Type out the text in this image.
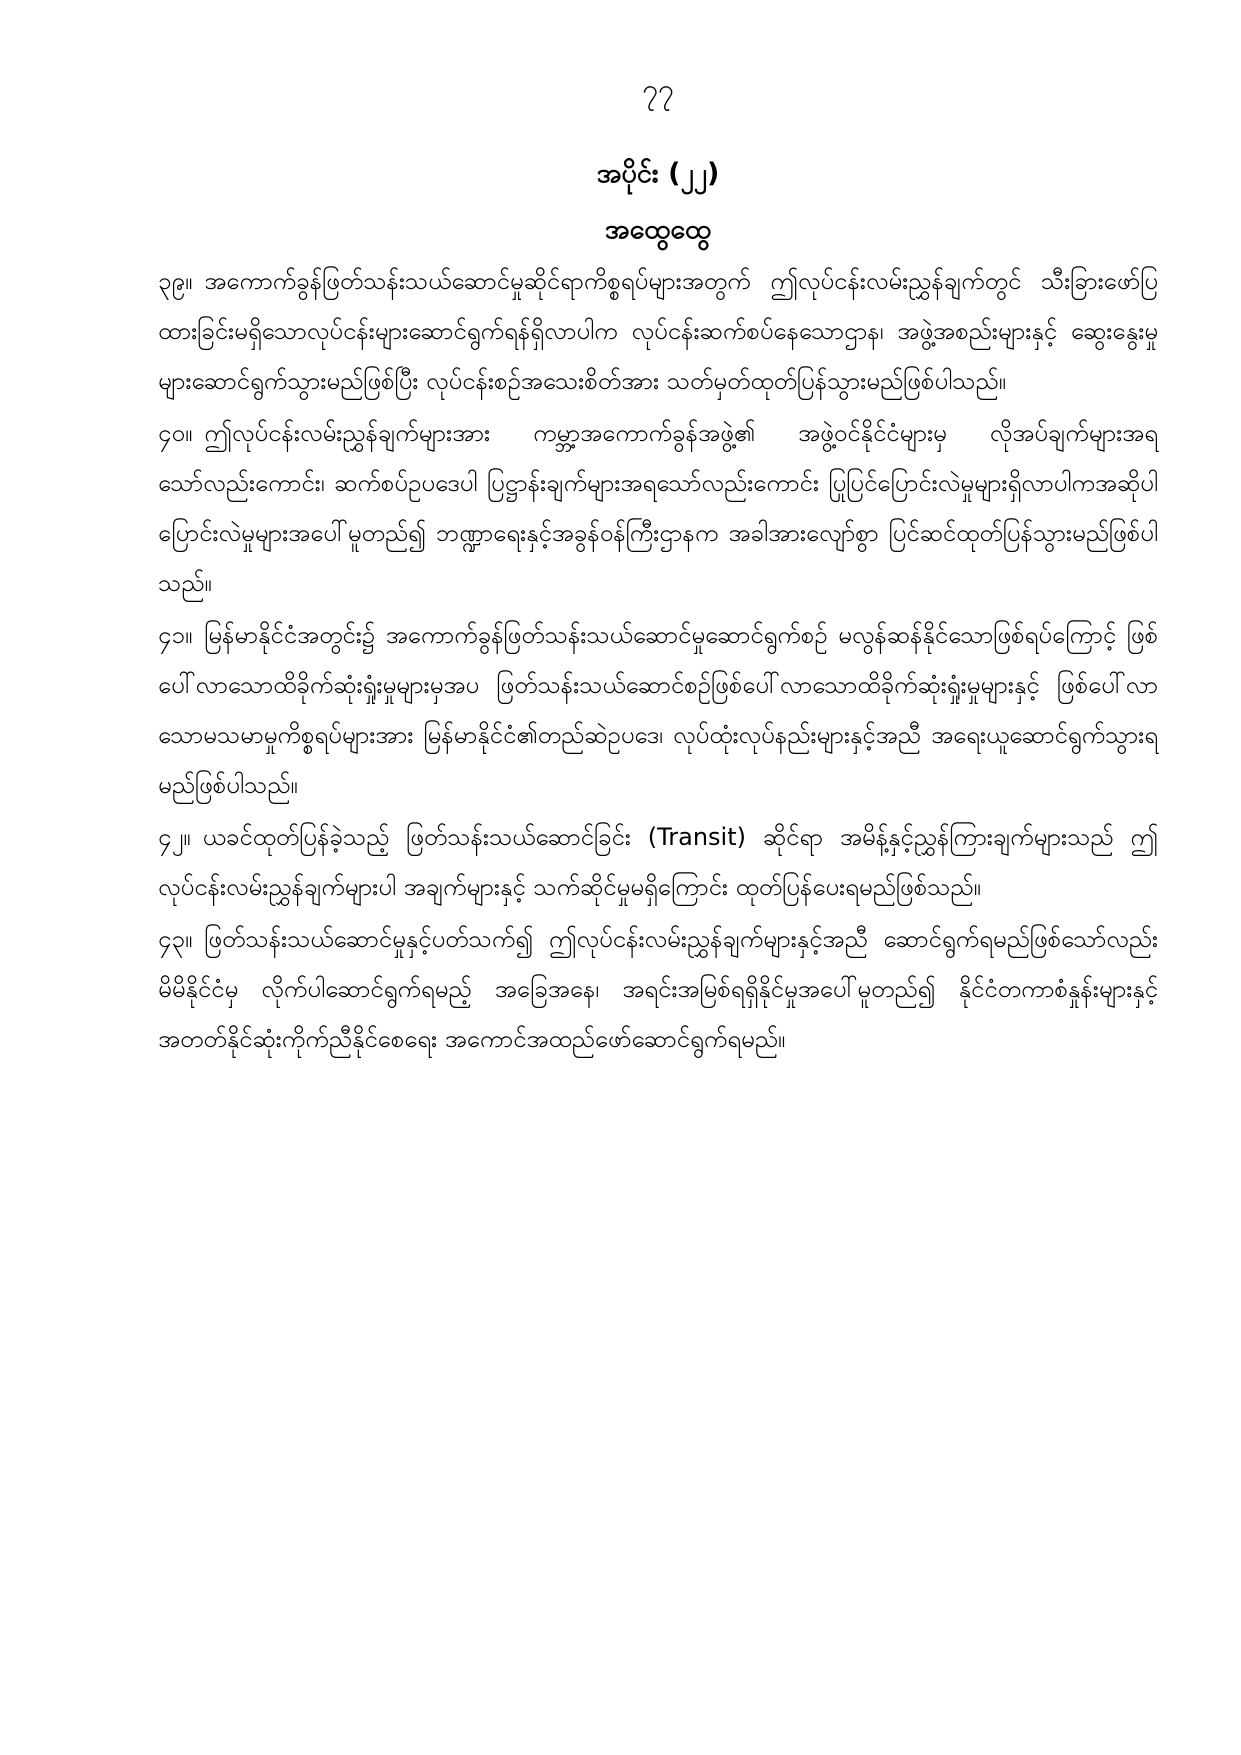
၇၇
အပိုင်း (၂၂)
အထွေထွေ

၃၉။ အကောက်ခွန်ဖြတ်သန်းသယ်ဆောင်မှုဆိုင်ရာကိစ္စရပ်များအတွက် ဤလုပ်ငန်းလမ်းညွှန်ချက်တွင် သီးခြားဖော်ပြထားခြင်းမရှိသောလုပ်ငန်းများဆောင်ရွက်ရန်ရှိလာပါက လုပ်ငန်းဆက်စပ်နေသောဌာန၊ အဖွဲ့အစည်းများနှင့် ဆွေးနွေးမှုများဆောင်ရွက်သွားမည်ဖြစ်ပြီး လုပ်ငန်းစဉ်အသေးစိတ်အား သတ်မှတ်ထုတ်ပြန်သွားမည်ဖြစ်ပါသည်။

၄၀။ ဤလုပ်ငန်းလမ်းညွှန်ချက်များအား ကမ္ဘာ့အကောက်ခွန်အဖွဲ့၏ အဖွဲ့ဝင်နိုင်ငံများမှ လိုအပ်ချက်များအရသော်လည်းကောင်း၊ ဆက်စပ်ဥပဒေပါ ပြဋ္ဌာန်းချက်များအရသော်လည်းကောင်း ပြုပြင်ပြောင်းလဲမှုများရှိလာပါကအဆိုပါပြောင်းလဲမှုများအပေါ်မူတည်၍ ဘဏ္ဍာရေးနှင့်အခွန်ဝန်ကြီးဌာနက အခါအားလျော်စွာ ပြင်ဆင်ထုတ်ပြန်သွားမည်ဖြစ်ပါ သည်။

၄၁။ မြန်မာနိုင်ငံအတွင်း၌ အကောက်ခွန်ဖြတ်သန်းသယ်ဆောင်မှုဆောင်ရွက်စဉ် မလွန်ဆန်နိုင်သောဖြစ်ရပ်ကြောင့် ဖြစ်ပေါ်လာသောထိခိုက်ဆုံးရှုံးမှုများမှအပ ဖြတ်သန်းသယ်ဆောင်စဉ်ဖြစ်ပေါ်လာသောထိခိုက်ဆုံးရှုံးမှုများနှင့် ဖြစ်ပေါ်လာသောမသမာမှုကိစ္စရပ်များအား မြန်မာနိုင်ငံ၏တည်ဆဲဥပဒေ၊ လုပ်ထုံးလုပ်နည်းများနှင့်အညီ အရေးယူဆောင်ရွက်သွားရမည်ဖြစ်ပါသည်။

၄၂။ ယခင်ထုတ်ပြန်ခဲ့သည့် ဖြတ်သန်းသယ်ဆောင်ခြင်း (Transit) ဆိုင်ရာ အမိန့်နှင့်ညွှန်ကြားချက်များသည် ဤလုပ်ငန်းလမ်းညွှန်ချက်များပါ အချက်များနှင့် သက်ဆိုင်မှုမရှိကြောင်း ထုတ်ပြန်ပေးရမည်ဖြစ်သည်။

၄၃။ ဖြတ်သန်းသယ်ဆောင်မှုနှင့်ပတ်သက်၍ ဤလုပ်ငန်းလမ်းညွှန်ချက်များနှင့်အညီ ဆောင်ရွက်ရမည်ဖြစ်သော်လည်း မိမိနိုင်ငံမှ လိုက်ပါဆောင်ရွက်ရမည့် အခြေအနေ၊ အရင်းအမြစ်ရရှိနိုင်မှုအပေါ်မူတည်၍ နိုင်ငံတကာစံနှုန်းများနှင့် အတတ်နိုင်ဆုံးကိုက်ညီနိုင်စေရေး အကောင်အထည်ဖော်ဆောင်ရွက်ရမည်။
